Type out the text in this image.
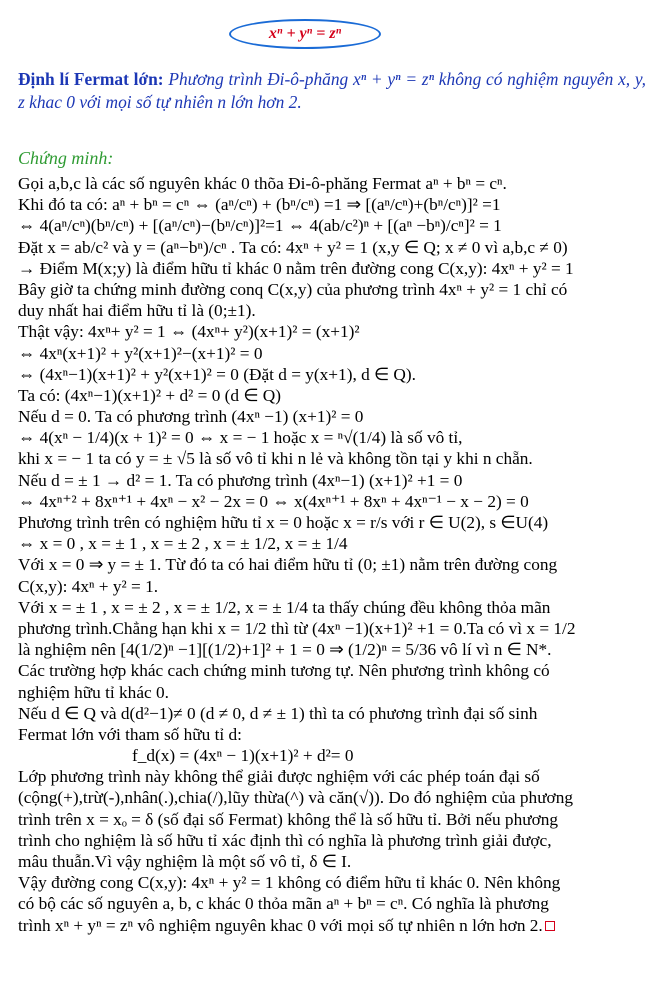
xⁿ + yⁿ = zⁿ
Định lí Fermat lớn: Phương trình Đi-ô-phăng xⁿ + yⁿ = zⁿ không có nghiệm nguyên x, y, z khac 0 với mọi số tự nhiên n lớn hơn 2.
Chứng minh:
Gọi a,b,c là các số nguyên khác 0 thõa Đi-ô-phăng Fermat aⁿ + bⁿ = cⁿ.
Khi đó ta có: aⁿ + bⁿ = cⁿ ⇔ (aⁿ/cⁿ) + (bⁿ/cⁿ) =1 ⇒ [(aⁿ/cⁿ)+(bⁿ/cⁿ)]² =1
⇔ 4(aⁿ/cⁿ)(bⁿ/cⁿ) + [(aⁿ/cⁿ)−(bⁿ/cⁿ)]²=1 ⇔ 4(ab/c²)ⁿ + [(aⁿ −bⁿ)/cⁿ]² = 1
Đặt x = ab/c² và y = (aⁿ−bⁿ)/cⁿ . Ta có: 4xⁿ + y² = 1 (x,y ∈ Q; x ≠ 0 vì a,b,c ≠ 0)
→ Điểm M(x;y) là điểm hữu tỉ khác 0 nằm trên đường cong C(x,y): 4xⁿ + y² = 1
Bây giờ ta chứng minh đường conq C(x,y) của phương trình 4xⁿ + y² = 1 chỉ có
duy nhất hai điểm hữu tỉ là (0;±1).
Thật vậy: 4xⁿ+ y² = 1 ⇔ (4xⁿ+ y²)(x+1)² = (x+1)²
⇔ 4xⁿ(x+1)² + y²(x+1)²−(x+1)² = 0
⇔ (4xⁿ−1)(x+1)² + y²(x+1)² = 0 (Đặt d = y(x+1), d ∈ Q).
Ta có: (4xⁿ−1)(x+1)² + d² = 0 (d ∈ Q)
Nếu d = 0. Ta có phương trình (4xⁿ −1) (x+1)² = 0
⇔ 4(xⁿ − 1/4)(x + 1)² = 0 ⇔ x = − 1 hoặc x = ⁿ√(1/4) là số vô tỉ,
khi x = − 1 ta có y = ± √5 là số vô tỉ khi n lẻ và không tồn tại y khi n chẵn.
Nếu d = ± 1 → d² = 1. Ta có phương trình (4xⁿ−1) (x+1)² +1 = 0
⇔ 4xⁿ⁺² + 8xⁿ⁺¹ + 4xⁿ − x² − 2x = 0 ⇔ x(4xⁿ⁺¹ + 8xⁿ + 4xⁿ⁻¹ − x − 2) = 0
Phương trình trên có nghiệm hữu tỉ x = 0 hoặc x = r/s với r ∈ U(2), s ∈U(4)
⇔ x = 0 , x = ± 1 , x = ± 2 , x = ± 1/2, x = ± 1/4
Với x = 0 ⇒ y = ± 1. Từ đó ta có hai điểm hữu tỉ (0; ±1) nằm trên đường cong
C(x,y): 4xⁿ + y² = 1.
Với x = ± 1 , x = ± 2 , x = ± 1/2, x = ± 1/4 ta thấy chúng đều không thỏa mãn
phương trình.Chẳng hạn khi x = 1/2 thì từ (4xⁿ −1)(x+1)² +1 = 0.Ta có vì x = 1/2
là nghiệm nên [4(1/2)ⁿ −1][(1/2)+1]² + 1 = 0 ⇒ (1/2)ⁿ = 5/36 vô lí vì n ∈ N*.
Các trường hợp khác cach chứng minh tương tự. Nên phương trình không có
nghiệm hữu tỉ khác 0.
Nếu d ∈ Q và d(d²−1)≠ 0 (d ≠ 0, d ≠ ± 1) thì ta có phương trình đại số sinh
Fermat lớn với tham số hữu tỉ d:
f_d(x) = (4xⁿ − 1)(x+1)² + d²= 0
Lớp phương trình này không thể giải được nghiệm với các phép toán đại số
(cộng(+),trừ(-),nhân(.),chia(/),lũy thừa(^) và căn(√)). Do đó nghiệm của phương
trình trên x = xₒ = δ (số đại số Fermat) không thể là số hữu tỉ. Bởi nếu phương
trình cho nghiệm là số hữu tỉ xác định thì có nghĩa là phương trình giải được,
mâu thuẫn.Vì vậy nghiệm là một số vô tỉ, δ ∈ I.
Vậy đường cong C(x,y): 4xⁿ + y² = 1 không có điểm hữu tỉ khác 0. Nên không
có bộ các số nguyên a, b, c khác 0 thỏa mãn aⁿ + bⁿ = cⁿ. Có nghĩa là phương
trình xⁿ + yⁿ = zⁿ vô nghiệm nguyên khac 0 với mọi số tự nhiên n lớn hơn 2.
